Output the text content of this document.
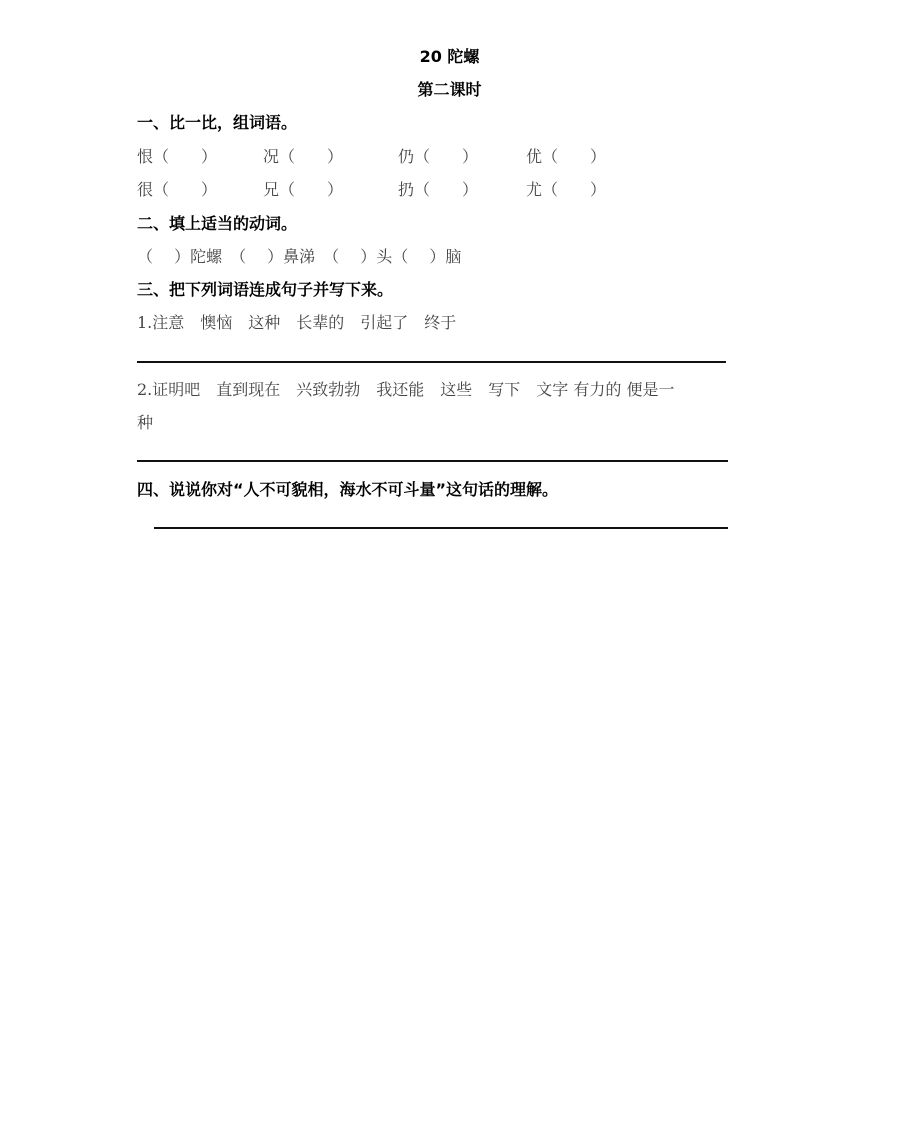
20 陀螺
第二课时
一、比一比，组词语。
恨（　　）	况（　　）	仍（　　）	优（　　）
很（　　）	兄（　　）	扔（　　）	尤（　　）
二、填上适当的动词。
（　 ）陀螺　（　 ）鼻涕　（　 ）头（　 ）脑
三、把下列词语连成句子并写下来。
1.注意　懊恼　这种　长辈的　引起了　终于
2.证明吧　直到现在　兴致勃勃　我还能　这些　写下　文字 有力的 便是一
种
四、说说你对“人不可貌相，海水不可斗量”这句话的理解。
